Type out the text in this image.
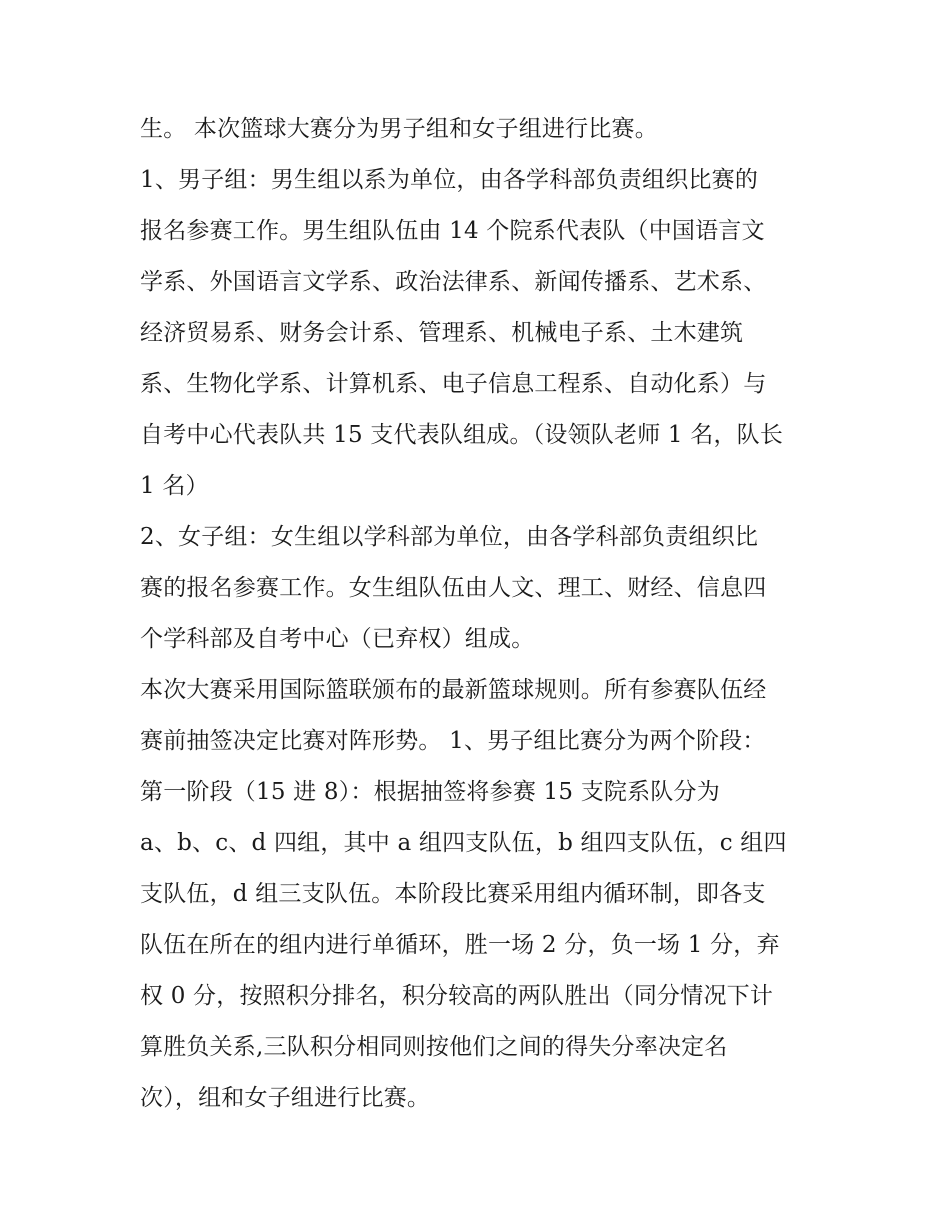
生。 本次篮球大赛分为男子组和女子组进行比赛。
1、男子组：男生组以系为单位，由各学科部负责组织比赛的
报名参赛工作。男生组队伍由 14 个院系代表队（中国语言文
学系、外国语言文学系、政治法律系、新闻传播系、艺术系、
经济贸易系、财务会计系、管理系、机械电子系、土木建筑
系、生物化学系、计算机系、电子信息工程系、自动化系）与
自考中心代表队共 15 支代表队组成。（设领队老师 1 名，队长
1 名）
2、女子组：女生组以学科部为单位，由各学科部负责组织比
赛的报名参赛工作。女生组队伍由人文、理工、财经、信息四
个学科部及自考中心（已弃权）组成。
本次大赛采用国际篮联颁布的最新篮球规则。所有参赛队伍经
赛前抽签决定比赛对阵形势。 1、男子组比赛分为两个阶段：
第一阶段（15 进 8）：根据抽签将参赛 15 支院系队分为
a、b、c、d 四组，其中 a 组四支队伍，b 组四支队伍，c 组四
支队伍，d 组三支队伍。本阶段比赛采用组内循环制，即各支
队伍在所在的组内进行单循环，胜一场 2 分，负一场 1 分，弃
权 0 分，按照积分排名，积分较高的两队胜出（同分情况下计
算胜负关系,三队积分相同则按他们之间的得失分率决定名
次），组和女子组进行比赛。
